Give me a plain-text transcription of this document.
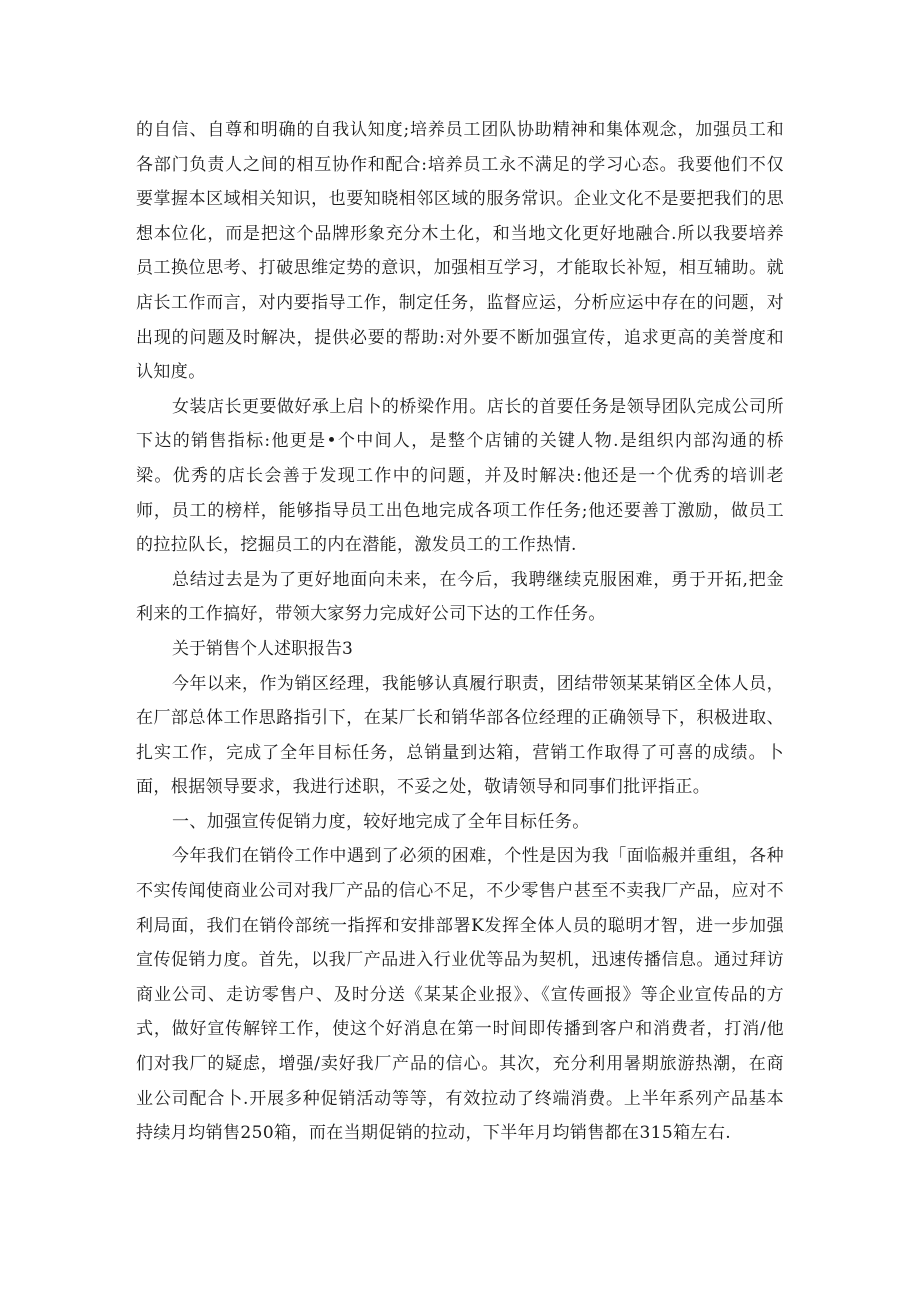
的自信、自尊和明确的自我认知度;培养员工团队协助精神和集体观念，加强员工和各部门负责人之间的相互协作和配合:培养员工永不满足的学习心态。我要他们不仅要掌握本区域相关知识，也要知晓相邻区域的服务常识。企业文化不是要把我们的思想本位化，而是把这个品牌形象充分木土化，和当地文化更好地融合.所以我要培养员工换位思考、打破思维定势的意识，加强相互学习，才能取长补短，相互辅助。就店长工作而言，对内要指导工作，制定任务，监督应运，分析应运中存在的问题，对出现的问题及时解决，提供必要的帮助:对外要不断加强宣传，追求更高的美誉度和认知度。

女装店长更要做好承上启卜的桥梁作用。店长的首要任务是领导团队完成公司所下达的销售指标:他更是•个中间人，是整个店铺的关键人物.是组织内部沟通的桥梁。优秀的店长会善于发现工作中的问题，并及时解决:他还是一个优秀的培训老师，员工的榜样，能够指导员工出色地完成各项工作任务;他还要善丁激励，做员工的拉拉队长，挖掘员工的内在潜能，激发员工的工作热情.

总结过去是为了更好地面向未来，在今后，我聘继续克服困难，勇于开拓,把金利来的工作搞好，带领大家努力完成好公司下达的工作任务。

关于销售个人述职报告3

今年以来，作为销区经理，我能够认真履行职责，团结带领某某销区全体人员，在厂部总体工作思路指引下，在某厂长和销华部各位经理的正确领导下，积极进取、扎实工作，完成了全年目标任务，总销量到达箱，营销工作取得了可喜的成绩。卜面，根据领导要求，我进行述职，不妥之处，敬请领导和同事们批评指正。

一、加强宣传促销力度，较好地完成了全年目标任务。

今年我们在销伶工作中遇到了必须的困难，个性是因为我「面临赧并重组，各种不实传闻使商业公司对我厂产品的信心不足，不少零售户甚至不卖我厂产品，应对不利局面，我们在销伶部统一指挥和安排部署K发挥全体人员的聪明才智，进一步加强宣传促销力度。首先，以我厂产品进入行业优等品为契机，迅速传播信息。通过拜访商业公司、走访零售户、及时分送《某某企业报》、《宣传画报》等企业宣传品的方式，做好宣传解锌工作，使这个好消息在第一时间即传播到客户和消费者，打消/他们对我厂的疑虑，增强/卖好我厂产品的信心。其次，充分利用暑期旅游热潮，在商业公司配合卜.开展多种促销活动等等，有效拉动了终端消费。上半年系列产品基本持续月均销售250箱，而在当期促销的拉动，下半年月均销售都在315箱左右.
